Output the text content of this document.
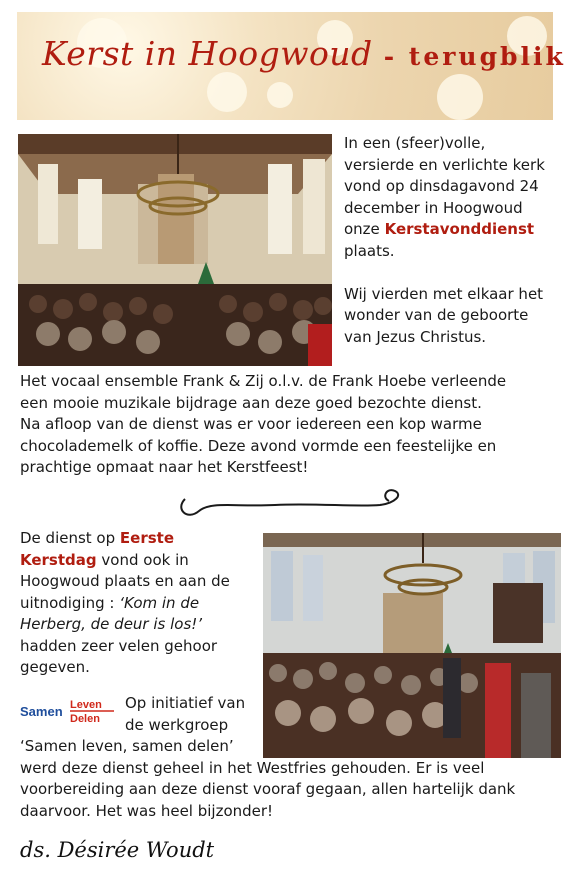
Kerst in Hoogwoud - terugblik
In een (sfeer)volle,
versierde en verlichte kerk
vond op dinsdagavond 24
december in Hoogwoud
onze Kerstavonddienst
plaats.
Wij vierden met elkaar het
wonder van de geboorte
van Jezus Christus.
Het vocaal ensemble Frank & Zij o.l.v. de Frank Hoebe verleende
een mooie muzikale bijdrage aan deze goed bezochte dienst.
Na afloop van de dienst was er voor iedereen een kop warme
chocolademelk of koffie. Deze avond vormde een feestelijke en
prachtige opmaat naar het Kerstfeest!
De dienst op Eerste
Kerstdag vond ook in
Hoogwoud plaats en aan de
uitnodiging : ‘Kom in de
Herberg, de deur is los!’
hadden zeer velen gehoor
gegeven.
Samen Leven
Delen
Op initiatief van
de werkgroep
‘Samen leven, samen delen’
werd deze dienst geheel in het Westfries gehouden. Er is veel
voorbereiding aan deze dienst vooraf gegaan, allen hartelijk dank
daarvoor. Het was heel bijzonder!
ds. Désirée Woudt
